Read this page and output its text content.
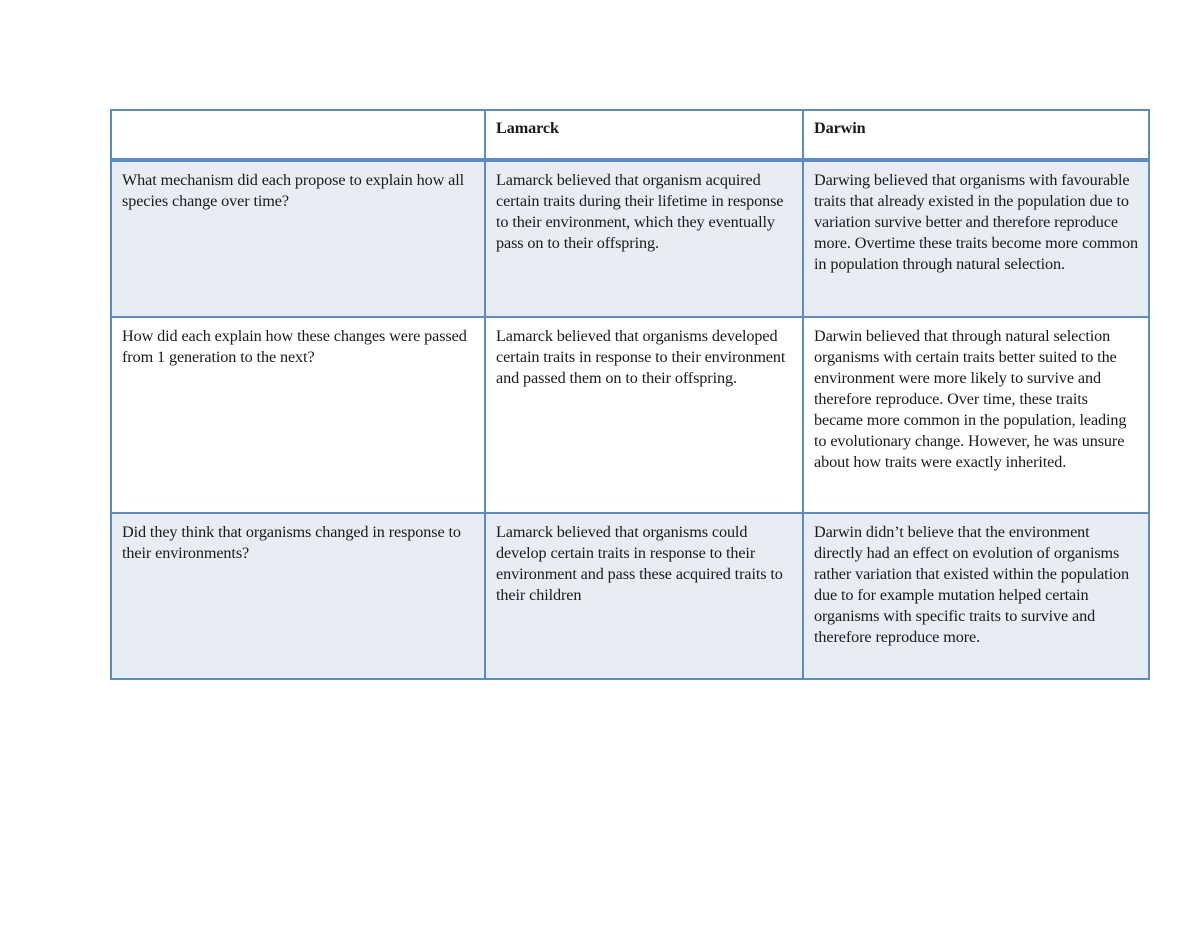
	Lamarck	Darwin
What mechanism did each propose to explain how all species change over time?	Lamarck believed that organism acquired certain traits during their lifetime in response to their environment, which they eventually pass on to their offspring.	Darwing believed that organisms with favourable traits that already existed in the population due to variation survive better and therefore reproduce more. Overtime these traits become more common in population through natural selection.
How did each explain how these changes were passed from 1 generation to the next?	Lamarck believed that organisms developed certain traits in response to their environment and passed them on to their offspring.	Darwin believed that through natural selection organisms with certain traits better suited to the environment were more likely to survive and therefore reproduce. Over time, these traits became more common in the population, leading to evolutionary change. However, he was unsure about how traits were exactly inherited.
Did they think that organisms changed in response to their environments?	Lamarck believed that organisms could develop certain traits in response to their environment and pass these acquired traits to their children	Darwin didn’t believe that the environment directly had an effect on evolution of organisms rather variation that existed within the population due to for example mutation helped certain organisms with specific traits to survive and therefore reproduce more.
